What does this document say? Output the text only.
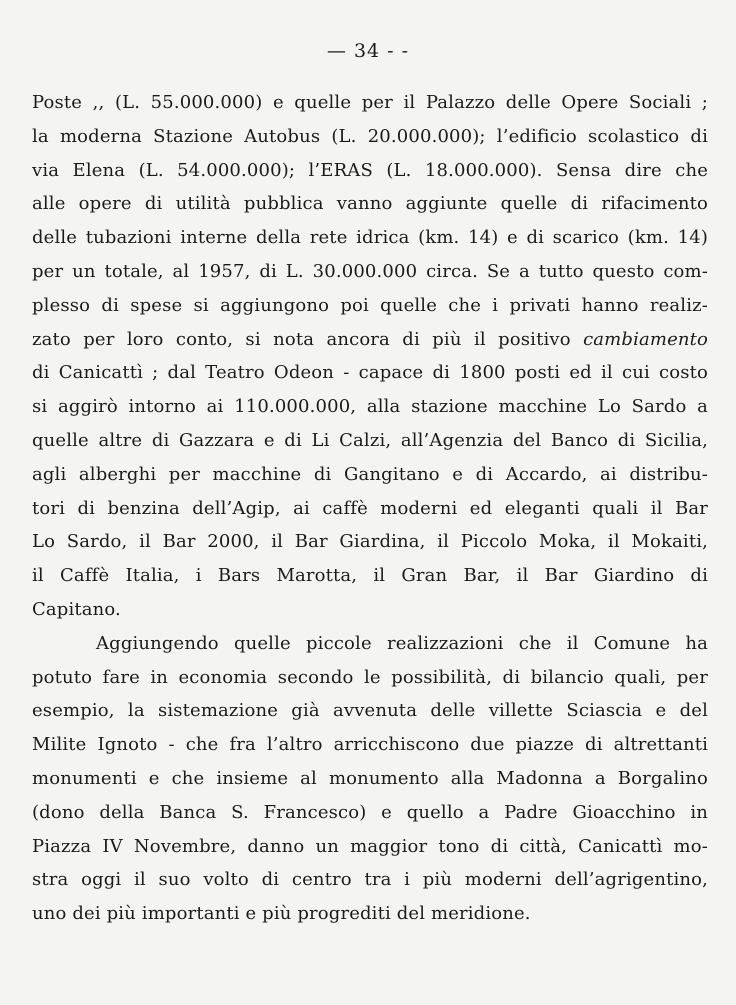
— 34 - -
Poste ,, (L. 55.000.000) e quelle per il Palazzo delle Opere Sociali ;
la moderna Stazione Autobus (L. 20.000.000); l’edificio scolastico di
via Elena (L. 54.000.000); l’ERAS (L. 18.000.000). Sensa dire che
alle opere di utilità pubblica vanno aggiunte quelle di rifacimento
delle tubazioni interne della rete idrica (km. 14) e di scarico (km. 14)
per un totale, al 1957, di L. 30.000.000 circa. Se a tutto questo com-
plesso di spese si aggiungono poi quelle che i privati hanno realiz-
zato per loro conto, si nota ancora di più il positivo cambiamento
di Canicattì ; dal Teatro Odeon - capace di 1800 posti ed il cui costo
si aggirò intorno ai 110.000.000, alla stazione macchine Lo Sardo a
quelle altre di Gazzara e di Li Calzi, all’Agenzia del Banco di Sicilia,
agli alberghi per macchine di Gangitano e di Accardo, ai distribu-
tori di benzina dell’Agip, ai caffè moderni ed eleganti quali il Bar
Lo Sardo, il Bar 2000, il Bar Giardina, il Piccolo Moka, il Mokaiti,
il Caffè Italia, i Bars Marotta, il Gran Bar, il Bar Giardino di
Capitano.
Aggiungendo quelle piccole realizzazioni che il Comune ha
potuto fare in economia secondo le possibilità, di bilancio quali, per
esempio, la sistemazione già avvenuta delle villette Sciascia e del
Milite Ignoto - che fra l’altro arricchiscono due piazze di altrettanti
monumenti e che insieme al monumento alla Madonna a Borgalino
(dono della Banca S. Francesco) e quello a Padre Gioacchino in
Piazza IV Novembre, danno un maggior tono di città, Canicattì mo-
stra oggi il suo volto di centro tra i più moderni dell’agrigentino,
uno dei più importanti e più progrediti del meridione.
